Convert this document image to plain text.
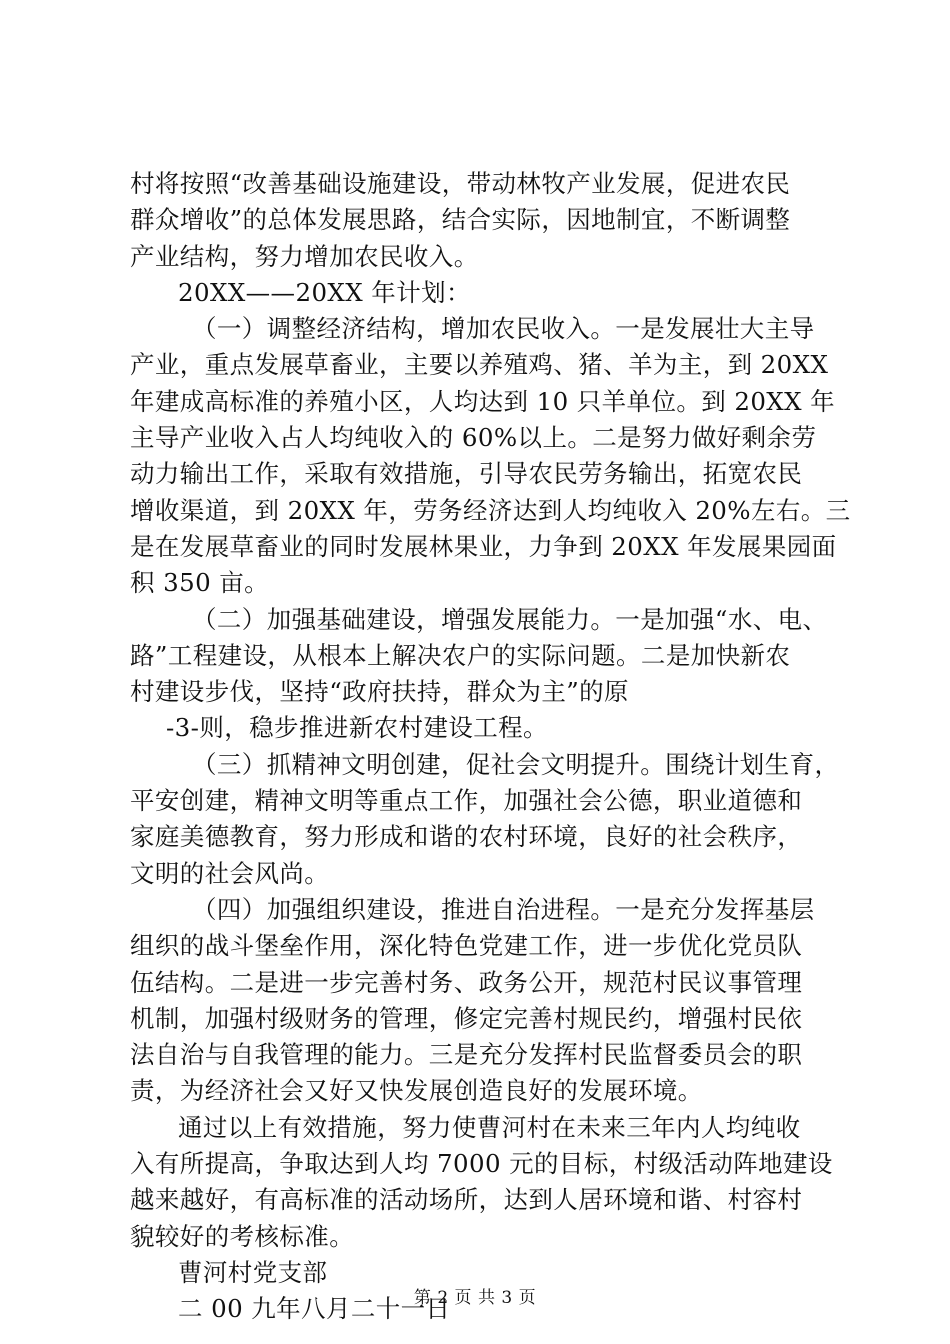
村将按照“改善基础设施建设，带动林牧产业发展，促进农民
群众增收”的总体发展思路，结合实际，因地制宜，不断调整
产业结构，努力增加农民收入。
20XX——20XX 年计划：
（一）调整经济结构，增加农民收入。一是发展壮大主导
产业，重点发展草畜业，主要以养殖鸡、猪、羊为主，到 20XX
年建成高标准的养殖小区，人均达到 10 只羊单位。到 20XX 年
主导产业收入占人均纯收入的 60%以上。二是努力做好剩余劳
动力输出工作，采取有效措施，引导农民劳务输出，拓宽农民
增收渠道，到 20XX 年，劳务经济达到人均纯收入 20%左右。三
是在发展草畜业的同时发展林果业，力争到 20XX 年发展果园面
积 350 亩。
（二）加强基础建设，增强发展能力。一是加强“水、电、
路”工程建设，从根本上解决农户的实际问题。二是加快新农
村建设步伐，坚持“政府扶持，群众为主”的原
-3-则，稳步推进新农村建设工程。
（三）抓精神文明创建，促社会文明提升。围绕计划生育，
平安创建，精神文明等重点工作，加强社会公德，职业道德和
家庭美德教育，努力形成和谐的农村环境，良好的社会秩序，
文明的社会风尚。
（四）加强组织建设，推进自治进程。一是充分发挥基层
组织的战斗堡垒作用，深化特色党建工作，进一步优化党员队
伍结构。二是进一步完善村务、政务公开，规范村民议事管理
机制，加强村级财务的管理，修定完善村规民约，增强村民依
法自治与自我管理的能力。三是充分发挥村民监督委员会的职
责，为经济社会又好又快发展创造良好的发展环境。
通过以上有效措施，努力使曹河村在未来三年内人均纯收
入有所提高，争取达到人均 7000 元的目标，村级活动阵地建设
越来越好，有高标准的活动场所，达到人居环境和谐、村容村
貌较好的考核标准。
曹河村党支部
二 00 九年八月二十一日
第 2 页 共 3 页
